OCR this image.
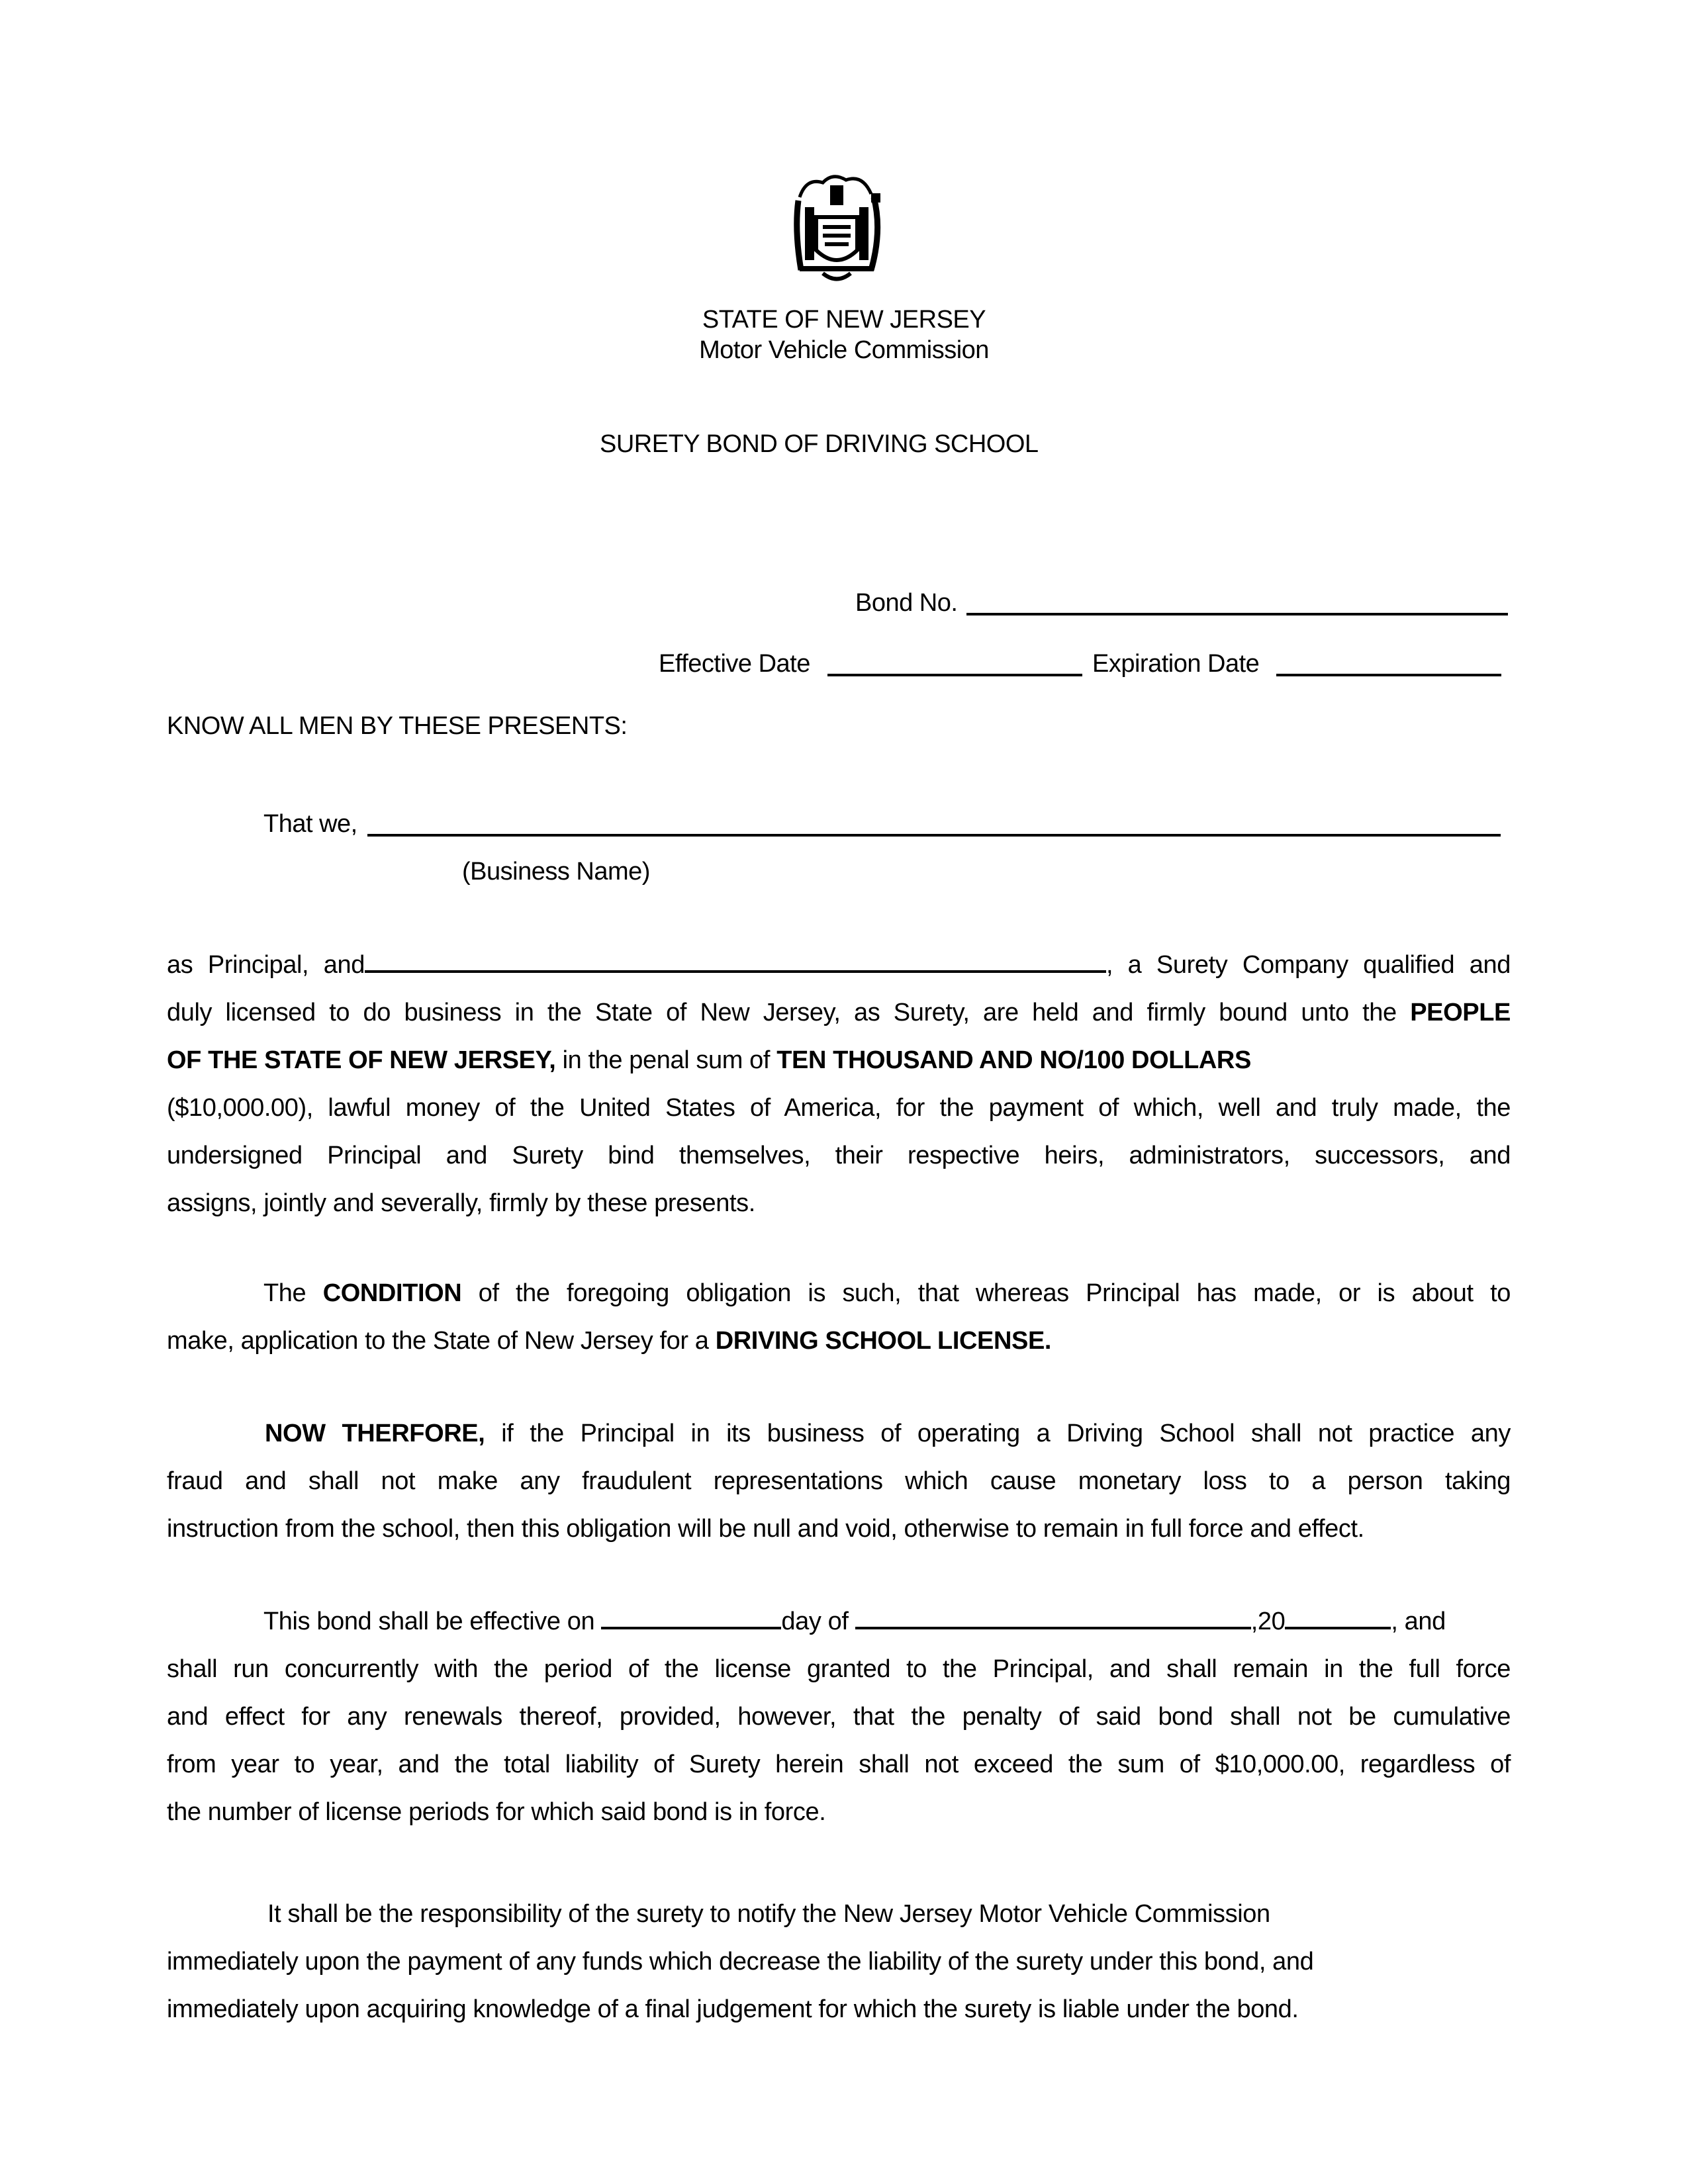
STATE OF NEW JERSEY
Motor Vehicle Commission
SURETY BOND OF DRIVING SCHOOL
Bond No.
Effective Date	Expiration Date
KNOW ALL MEN BY THESE PRESENTS:
That we,
(Business Name)
as Principal, and	, a Surety Company qualified and
duly licensed to do business in the State of New Jersey, as Surety, are held and firmly bound unto the PEOPLE
OF THE STATE OF NEW JERSEY, in the penal sum of TEN THOUSAND AND NO/100 DOLLARS
($10,000.00), lawful money of the United States of America, for the payment of which, well and truly made, the
undersigned Principal and Surety bind themselves, their respective heirs, administrators, successors, and
assigns, jointly and severally, firmly by these presents.
The CONDITION of the foregoing obligation is such, that whereas Principal has made, or is about to
make, application to the State of New Jersey for a DRIVING SCHOOL LICENSE.
NOW THERFORE, if the Principal in its business of operating a Driving School shall not practice any
fraud and shall not make any fraudulent representations which cause monetary loss to a person taking
instruction from the school, then this obligation will be null and void, otherwise to remain in full force and effect.
This bond shall be effective on	day of	,20	, and
shall run concurrently with the period of the license granted to the Principal, and shall remain in the full force
and effect for any renewals thereof, provided, however, that the penalty of said bond shall not be cumulative
from year to year, and the total liability of Surety herein shall not exceed the sum of $10,000.00, regardless of
the number of license periods for which said bond is in force.
It shall be the responsibility of the surety to notify the New Jersey Motor Vehicle Commission
immediately upon the payment of any funds which decrease the liability of the surety under this bond, and
immediately upon acquiring knowledge of a final judgement for which the surety is liable under the bond.
